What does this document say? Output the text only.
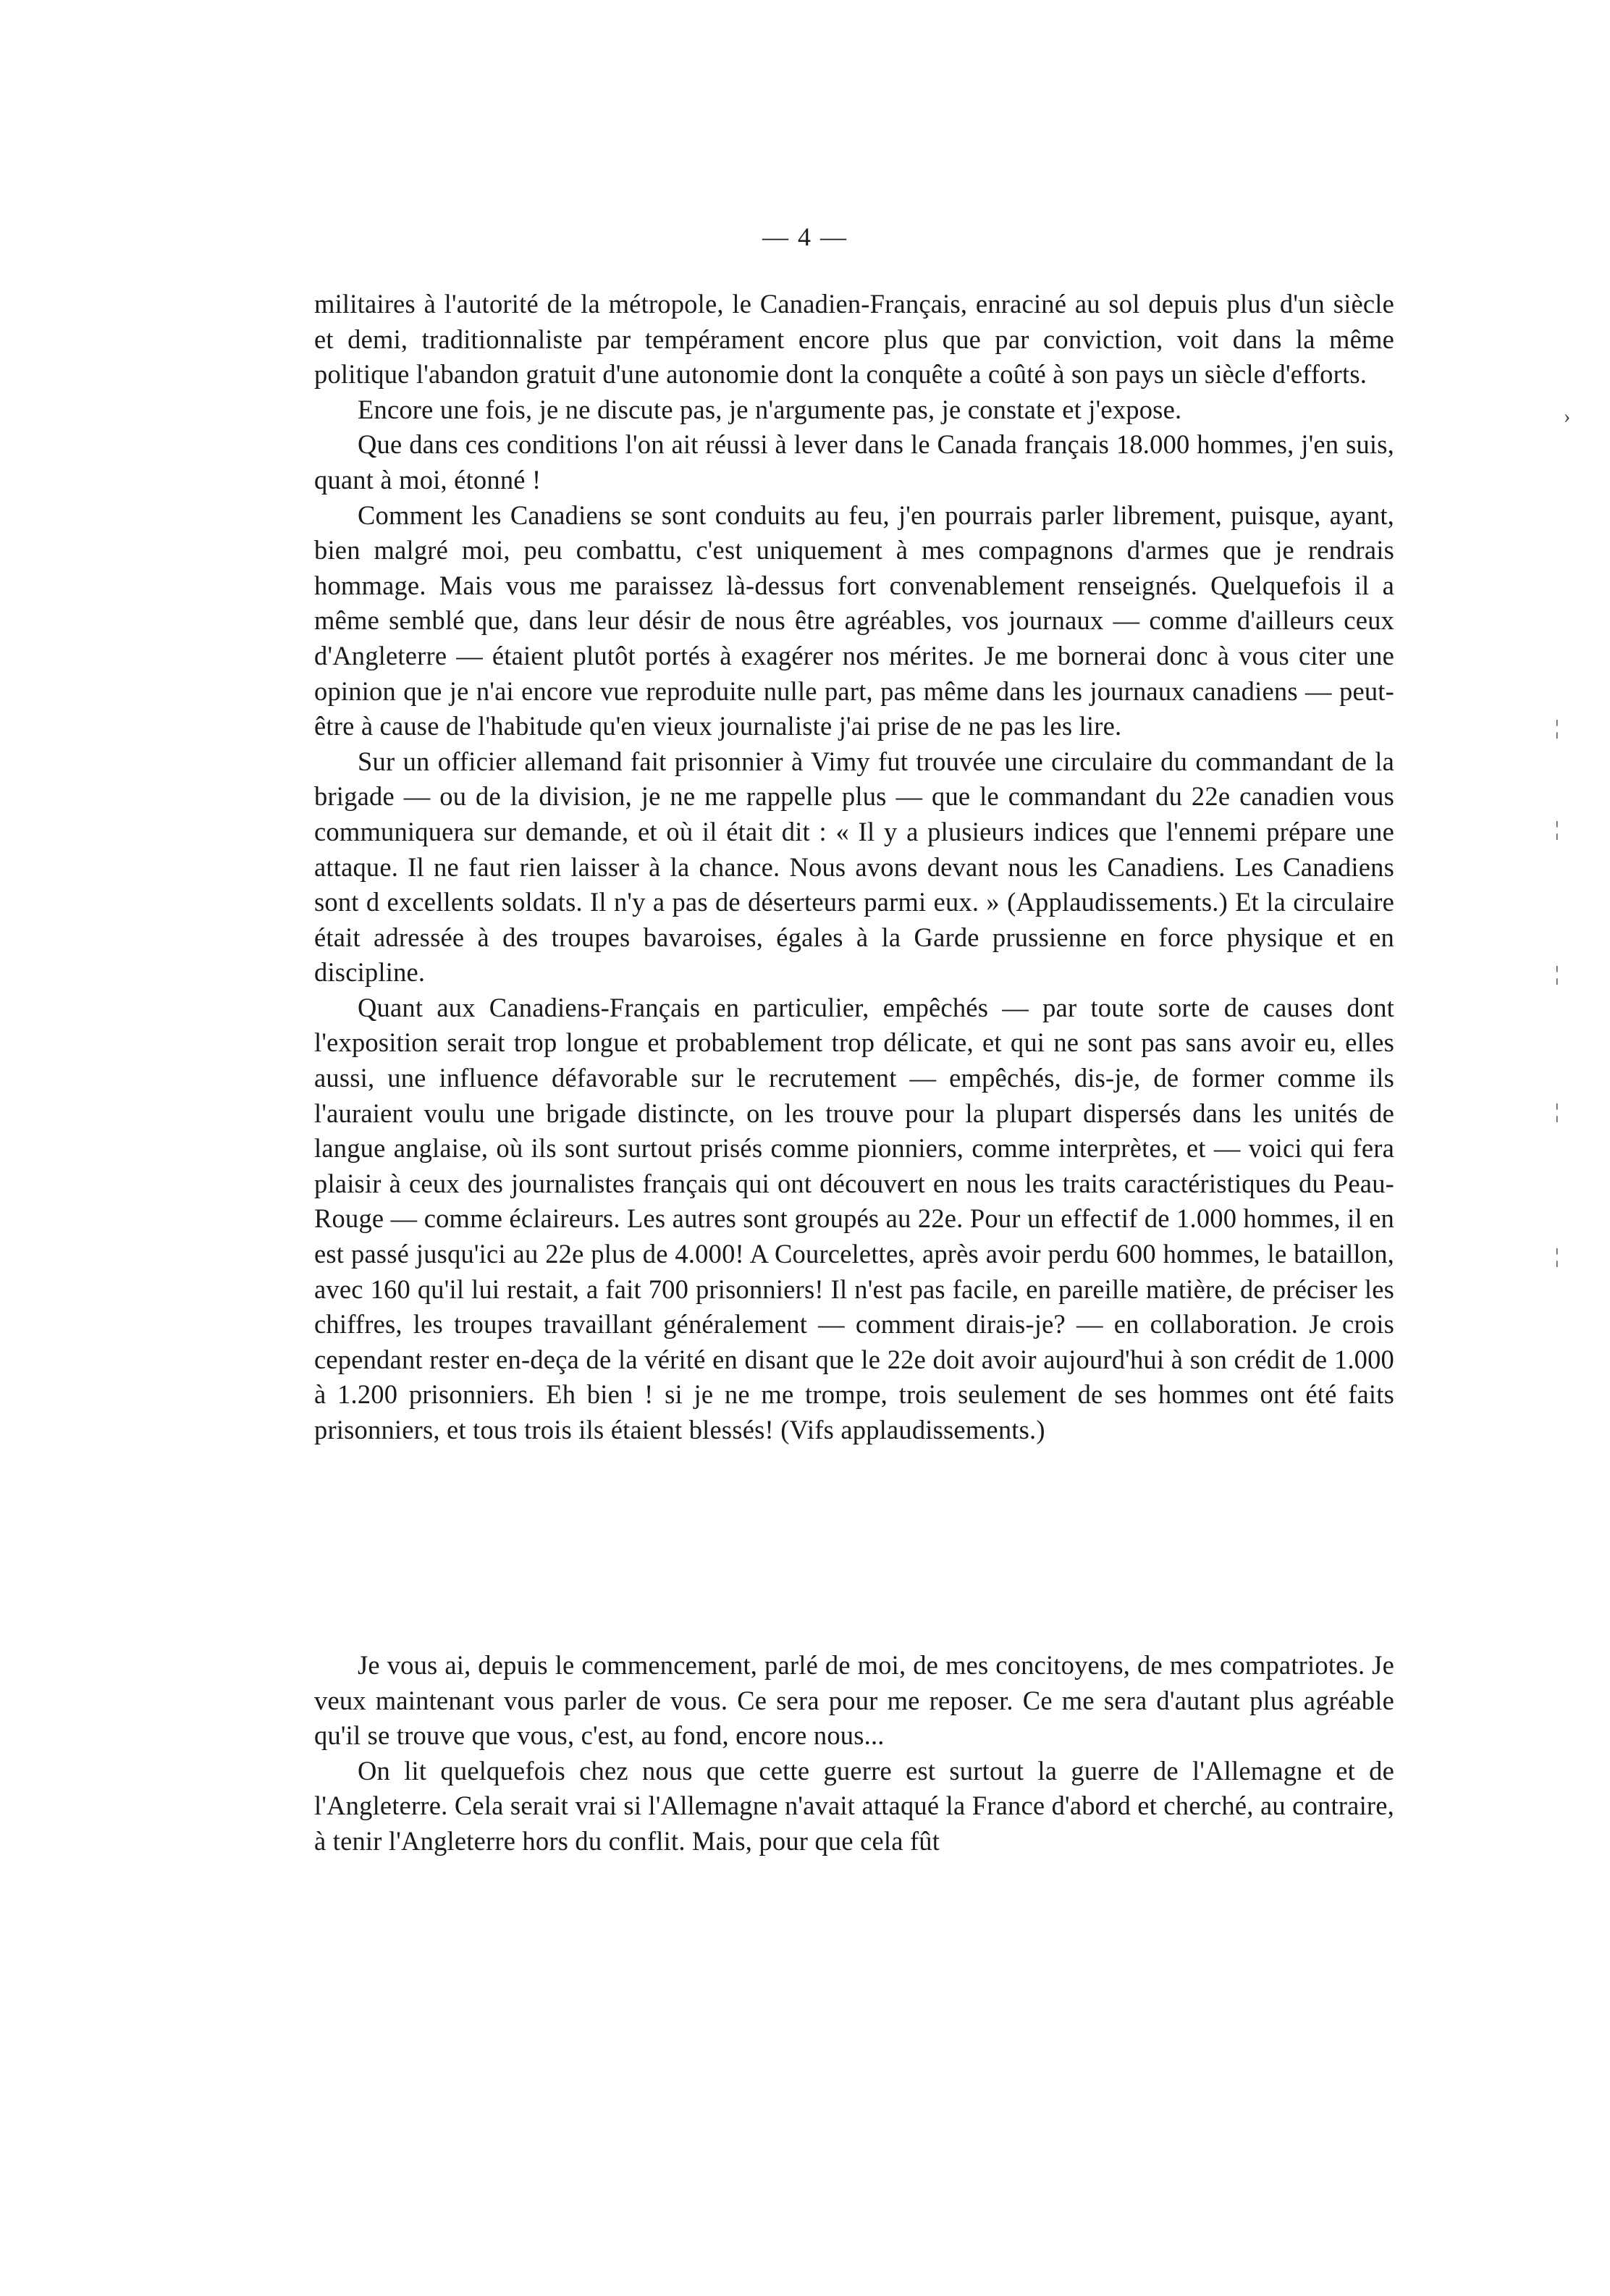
— 4 —

militaires à l'autorité de la métropole, le Canadien-Français, enraciné au sol depuis plus d'un siècle et demi, traditionnaliste par tempérament encore plus que par conviction, voit dans la même politique l'abandon gratuit d'une autonomie dont la conquête a coûté à son pays un siècle d'efforts.

Encore une fois, je ne discute pas, je n'argumente pas, je constate et j'expose.

Que dans ces conditions l'on ait réussi à lever dans le Canada français 18.000 hommes, j'en suis, quant à moi, étonné !

Comment les Canadiens se sont conduits au feu, j'en pourrais parler librement, puisque, ayant, bien malgré moi, peu combattu, c'est uniquement à mes compagnons d'armes que je rendrais hommage. Mais vous me paraissez là-dessus fort convenablement renseignés. Quelquefois il a même semblé que, dans leur désir de nous être agréables, vos journaux — comme d'ailleurs ceux d'Angleterre — étaient plutôt portés à exagérer nos mérites. Je me bornerai donc à vous citer une opinion que je n'ai encore vue reproduite nulle part, pas même dans les journaux canadiens — peut-être à cause de l'habitude qu'en vieux journaliste j'ai prise de ne pas les lire.

Sur un officier allemand fait prisonnier à Vimy fut trouvée une circulaire du commandant de la brigade — ou de la division, je ne me rappelle plus — que le commandant du 22e canadien vous communiquera sur demande, et où il était dit : « Il y a plusieurs indices que l'ennemi prépare une attaque. Il ne faut rien laisser à la chance. Nous avons devant nous les Canadiens. Les Canadiens sont d excellents soldats. Il n'y a pas de déserteurs parmi eux. » (Applaudissements.) Et la circulaire était adressée à des troupes bavaroises, égales à la Garde prussienne en force physique et en discipline.

Quant aux Canadiens-Français en particulier, empêchés — par toute sorte de causes dont l'exposition serait trop longue et probablement trop délicate, et qui ne sont pas sans avoir eu, elles aussi, une influence défavorable sur le recrutement — empêchés, dis-je, de former comme ils l'auraient voulu une brigade distincte, on les trouve pour la plupart dispersés dans les unités de langue anglaise, où ils sont surtout prisés comme pionniers, comme interprètes, et — voici qui fera plaisir à ceux des journalistes français qui ont découvert en nous les traits caractéristiques du Peau-Rouge — comme éclaireurs. Les autres sont groupés au 22e. Pour un effectif de 1.000 hommes, il en est passé jusqu'ici au 22e plus de 4.000! A Courcelettes, après avoir perdu 600 hommes, le bataillon, avec 160 qu'il lui restait, a fait 700 prisonniers! Il n'est pas facile, en pareille matière, de préciser les chiffres, les troupes travaillant généralement — comment dirais-je? — en collaboration. Je crois cependant rester en-deça de la vérité en disant que le 22e doit avoir aujourd'hui à son crédit de 1.000 à 1.200 prisonniers. Eh bien ! si je ne me trompe, trois seulement de ses hommes ont été faits prisonniers, et tous trois ils étaient blessés! (Vifs applaudissements.)

Je vous ai, depuis le commencement, parlé de moi, de mes concitoyens, de mes compatriotes. Je veux maintenant vous parler de vous. Ce sera pour me reposer. Ce me sera d'autant plus agréable qu'il se trouve que vous, c'est, au fond, encore nous...

On lit quelquefois chez nous que cette guerre est surtout la guerre de l'Allemagne et de l'Angleterre. Cela serait vrai si l'Allemagne n'avait attaqué la France d'abord et cherché, au contraire, à tenir l'Angleterre hors du conflit. Mais, pour que cela fût

›
¦
¦
¦
¦
¦
